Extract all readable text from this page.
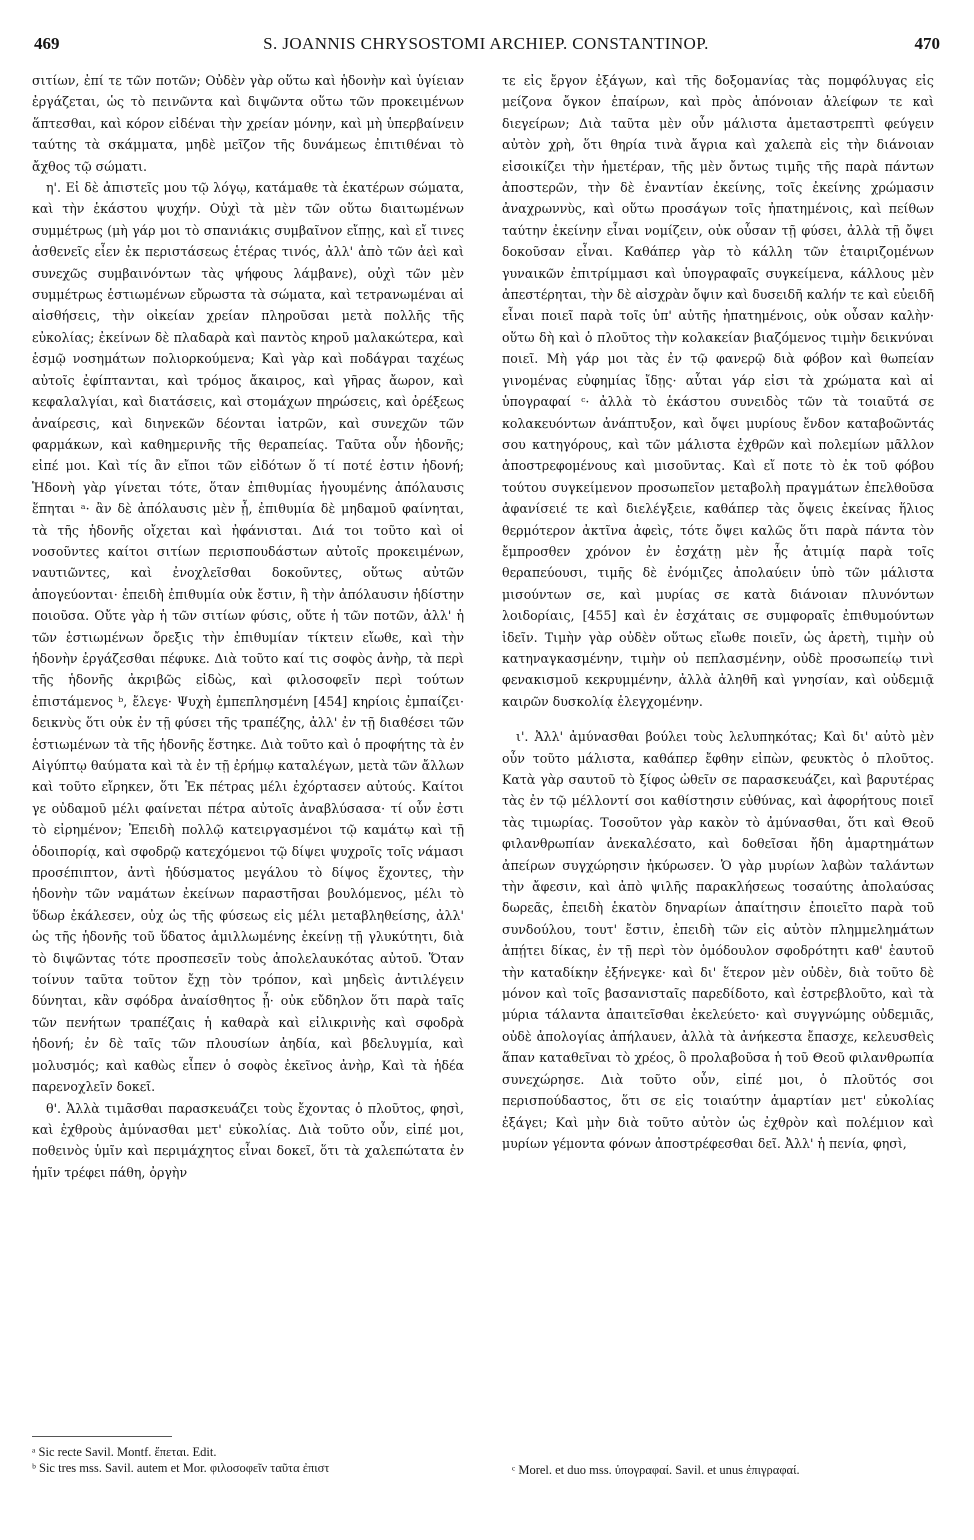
469	S. JOANNIS CHRYSOSTOMI ARCHIEP. CONSTANTINOP.	470

σιτίων, ἐπί τε τῶν ποτῶν; Οὐδὲν γὰρ οὕτω καὶ ἡδονὴν καὶ ὑγίειαν ἐργάζεται, ὡς τὸ πεινῶντα καὶ διψῶντα οὕτω τῶν προκειμένων ἅπτεσθαι, καὶ κόρον εἰδέναι τὴν χρείαν μόνην, καὶ μὴ ὑπερβαίνειν ταύτης τὰ σκάμματα, μηδὲ μεῖζον τῆς δυνάμεως ἐπιτιθέναι τὸ ἄχθος τῷ σώματι.

η'. Εἰ δὲ ἀπιστεῖς μου τῷ λόγῳ, κατάμαθε τὰ ἑκατέρων σώματα, καὶ τὴν ἑκάστου ψυχήν. Οὐχὶ τὰ μὲν τῶν οὕτω διαιτωμένων συμμέτρως (μὴ γάρ μοι τὸ σπανιάκις συμβαῖνον εἴπῃς, καὶ εἴ τινες ἀσθενεῖς εἶεν ἐκ περιστάσεως ἑτέρας τινός, ἀλλ' ἀπὸ τῶν ἀεὶ καὶ συνεχῶς συμβαινόντων τὰς ψήφους λάμβανε), οὐχὶ τῶν μὲν συμμέτρως ἑστιωμένων εὔρωστα τὰ σώματα, καὶ τετρανωμέναι αἱ αἰσθήσεις, τὴν οἰκείαν χρείαν πληροῦσαι μετὰ πολλῆς τῆς εὐκολίας; ἐκείνων δὲ πλαδαρὰ καὶ παντὸς κηροῦ μαλακώτερα, καὶ ἑσμῷ νοσημάτων πολιορκούμενα; Καὶ γὰρ καὶ ποδάγραι ταχέως αὐτοῖς ἐφίπτανται, καὶ τρόμος ἄκαιρος, καὶ γῆρας ἄωρον, καὶ κεφαλαλγίαι, καὶ διατάσεις, καὶ στομάχων πηρώσεις, καὶ ὀρέξεως ἀναίρεσις, καὶ διηνεκῶν δέονται ἰατρῶν, καὶ συνεχῶν τῶν φαρμάκων, καὶ καθημερινῆς τῆς θεραπείας. Ταῦτα οὖν ἡδονῆς; εἰπέ μοι. Καὶ τίς ἂν εἴποι τῶν εἰδότων ὅ τί ποτέ ἐστιν ἡδονή; Ἡδονὴ γὰρ γίνεται τότε, ὅταν ἐπιθυμίας ἡγουμένης ἀπόλαυσις ἕπηται ᵃ· ἂν δὲ ἀπόλαυσις μὲν ᾖ, ἐπιθυμία δὲ μηδαμοῦ φαίνηται, τὰ τῆς ἡδονῆς οἴχεται καὶ ἠφάνισται. Διά τοι τοῦτο καὶ οἱ νοσοῦντες καίτοι σιτίων περισπουδάστων αὐτοῖς προκειμένων, ναυτιῶντες, καὶ ἐνοχλεῖσθαι δοκοῦντες, οὕτως αὐτῶν ἀπογεύονται· ἐπειδὴ ἐπιθυμία οὐκ ἔστιν, ἣ τὴν ἀπόλαυσιν ἡδίστην ποιοῦσα. Οὔτε γὰρ ἡ τῶν σιτίων φύσις, οὔτε ἡ τῶν ποτῶν, ἀλλ' ἡ τῶν ἑστιωμένων ὄρεξις τὴν ἐπιθυμίαν τίκτειν εἴωθε, καὶ τὴν ἡδονὴν ἐργάζεσθαι πέφυκε. Διὰ τοῦτο καί τις σοφὸς ἀνὴρ, τὰ περὶ τῆς ἡδονῆς ἀκριβῶς εἰδὼς, καὶ φιλοσοφεῖν περὶ τούτων ἐπιστάμενος ᵇ, ἔλεγε· Ψυχὴ ἐμπεπλησμένη [454] κηρίοις ἐμπαίζει· δεικνὺς ὅτι οὐκ ἐν τῇ φύσει τῆς τραπέζης, ἀλλ' ἐν τῇ διαθέσει τῶν ἑστιωμένων τὰ τῆς ἡδονῆς ἕστηκε. Διὰ τοῦτο καὶ ὁ προφήτης τὰ ἐν Αἰγύπτῳ θαύματα καὶ τὰ ἐν τῇ ἐρήμῳ καταλέγων, μετὰ τῶν ἄλλων καὶ τοῦτο εἴρηκεν, ὅτι Ἐκ πέτρας μέλι ἐχόρτασεν αὐτούς. Καίτοι γε οὐδαμοῦ μέλι φαίνεται πέτρα αὐτοῖς ἀναβλύσασα· τί οὖν ἐστι τὸ εἰρημένον; Ἐπειδὴ πολλῷ κατειργασμένοι τῷ καμάτῳ καὶ τῇ ὁδοιπορίᾳ, καὶ σφοδρῷ κατεχόμενοι τῷ δίψει ψυχροῖς τοῖς νάμασι προσέπιπτον, ἀντὶ ἡδύσματος μεγάλου τὸ δίψος ἔχοντες, τὴν ἡδονὴν τῶν ναμάτων ἐκείνων παραστῆσαι βουλόμενος, μέλι τὸ ὕδωρ ἐκάλεσεν, οὐχ ὡς τῆς φύσεως εἰς μέλι μεταβληθείσης, ἀλλ' ὡς τῆς ἡδονῆς τοῦ ὕδατος ἁμιλλωμένης ἐκείνῃ τῇ γλυκύτητι, διὰ τὸ διψῶντας τότε προσπεσεῖν τοὺς ἀπολελαυκότας αὐτοῦ. Ὅταν τοίνυν ταῦτα τοῦτον ἔχῃ τὸν τρόπον, καὶ μηδεὶς ἀντιλέγειν δύνηται, κἂν σφόδρα ἀναίσθητος ᾖ· οὐκ εὔδηλον ὅτι παρὰ ταῖς τῶν πενήτων τραπέζαις ἡ καθαρὰ καὶ εἰλικρινὴς καὶ σφοδρὰ ἡδονή; ἐν δὲ ταῖς τῶν πλουσίων ἀηδία, καὶ βδελυγμία, καὶ μολυσμός; καὶ καθὼς εἶπεν ὁ σοφὸς ἐκεῖνος ἀνὴρ, Καὶ τὰ ἡδέα παρενοχλεῖν δοκεῖ.

θ'. Ἀλλὰ τιμᾶσθαι παρασκευάζει τοὺς ἔχοντας ὁ πλοῦτος, φησὶ, καὶ ἐχθροὺς ἀμύνασθαι μετ' εὐκολίας. Διὰ τοῦτο οὖν, εἰπέ μοι, ποθεινὸς ὑμῖν καὶ περιμάχητος εἶναι δοκεῖ, ὅτι τὰ χαλεπώτατα ἐν ἡμῖν τρέφει πάθη, ὀργὴν

τε εἰς ἔργον ἐξάγων, καὶ τῆς δοξομανίας τὰς πομφόλυγας εἰς μείζονα ὄγκον ἐπαίρων, καὶ πρὸς ἀπόνοιαν ἀλείφων τε καὶ διεγείρων; Διὰ ταῦτα μὲν οὖν μάλιστα ἀμεταστρεπτὶ φεύγειν αὐτὸν χρὴ, ὅτι θηρία τινὰ ἄγρια καὶ χαλεπὰ εἰς τὴν διάνοιαν εἰσοικίζει τὴν ἡμετέραν, τῆς μὲν ὄντως τιμῆς τῆς παρὰ πάντων ἀποστερῶν, τὴν δὲ ἐναντίαν ἐκείνης, τοῖς ἐκείνης χρώμασιν ἀναχρωννὺς, καὶ οὕτω προσάγων τοῖς ἠπατημένοις, καὶ πείθων ταύτην ἐκείνην εἶναι νομίζειν, οὐκ οὖσαν τῇ φύσει, ἀλλὰ τῇ ὄψει δοκοῦσαν εἶναι. Καθάπερ γὰρ τὸ κάλλη τῶν ἑταιριζομένων γυναικῶν ἐπιτρίμμασι καὶ ὑπογραφαῖς συγκείμενα, κάλλους μὲν ἀπεστέρηται, τὴν δὲ αἰσχρὰν ὄψιν καὶ δυσειδῆ καλήν τε καὶ εὐειδῆ εἶναι ποιεῖ παρὰ τοῖς ὑπ' αὐτῆς ἠπατημένοις, οὐκ οὖσαν καλὴν· οὕτω δὴ καὶ ὁ πλοῦτος τὴν κολακείαν βιαζόμενος τιμὴν δεικνύναι ποιεῖ. Μὴ γάρ μοι τὰς ἐν τῷ φανερῷ διὰ φόβον καὶ θωπείαν γινομένας εὐφημίας ἴδῃς· αὗται γάρ εἰσι τὰ χρώματα καὶ αἱ ὑπογραφαί ᶜ· ἀλλὰ τὸ ἑκάστου συνειδὸς τῶν τὰ τοιαῦτά σε κολακευόντων ἀνάπτυξον, καὶ ὄψει μυρίους ἔνδον καταβοῶντάς σου κατηγόρους, καὶ τῶν μάλιστα ἐχθρῶν καὶ πολεμίων μᾶλλον ἀποστρεφομένους καὶ μισοῦντας. Καὶ εἴ ποτε τὸ ἐκ τοῦ φόβου τούτου συγκείμενον προσωπεῖον μεταβολὴ πραγμάτων ἐπελθοῦσα ἀφανίσειέ τε καὶ διελέγξειε, καθάπερ τὰς ὄψεις ἐκείνας ἥλιος θερμότερον ἀκτῖνα ἀφεὶς, τότε ὄψει καλῶς ὅτι παρὰ πάντα τὸν ἔμπροσθεν χρόνον ἐν ἐσχάτῃ μὲν ἧς ἀτιμίᾳ παρὰ τοῖς θεραπεύουσι, τιμῆς δὲ ἐνόμιζες ἀπολαύειν ὑπὸ τῶν μάλιστα μισούντων σε, καὶ μυρίας σε κατὰ διάνοιαν πλυνόντων λοιδορίαις, [455] καὶ ἐν ἐσχάταις σε συμφοραῖς ἐπιθυμούντων ἰδεῖν. Τιμὴν γὰρ οὐδὲν οὕτως εἴωθε ποιεῖν, ὡς ἀρετὴ, τιμὴν οὐ κατηναγκασμένην, τιμὴν οὐ πεπλασμένην, οὐδὲ προσωπείῳ τινὶ φενακισμοῦ κεκρυμμένην, ἀλλὰ ἀληθῆ καὶ γνησίαν, καὶ οὐδεμιᾷ καιρῶν δυσκολίᾳ ἐλεγχομένην.

ι'. Ἀλλ' ἀμύνασθαι βούλει τοὺς λελυπηκότας; Καὶ δι' αὐτὸ μὲν οὖν τοῦτο μάλιστα, καθάπερ ἔφθην εἰπὼν, φευκτὸς ὁ πλοῦτος. Κατὰ γὰρ σαυτοῦ τὸ ξίφος ὠθεῖν σε παρασκευάζει, καὶ βαρυτέρας τὰς ἐν τῷ μέλλοντί σοι καθίστησιν εὐθύνας, καὶ ἀφορήτους ποιεῖ τὰς τιμωρίας. Τοσοῦτον γὰρ κακὸν τὸ ἀμύνασθαι, ὅτι καὶ Θεοῦ φιλανθρωπίαν ἀνεκαλέσατο, καὶ δοθεῖσαι ἤδη ἁμαρτημάτων ἀπείρων συγχώρησιν ἠκύρωσεν. Ὁ γὰρ μυρίων λαβὼν ταλάντων τὴν ἄφεσιν, καὶ ἀπὸ ψιλῆς παρακλήσεως τοσαύτης ἀπολαύσας δωρεᾶς, ἐπειδὴ ἑκατὸν δηναρίων ἀπαίτησιν ἐποιεῖτο παρὰ τοῦ συνδούλου, τουτ' ἔστιν, ἐπειδὴ τῶν εἰς αὐτὸν πλημμελημάτων ἀπῄτει δίκας, ἐν τῇ περὶ τὸν ὁμόδουλον σφοδρότητι καθ' ἑαυτοῦ τὴν καταδίκην ἐξήνεγκε· καὶ δι' ἕτερον μὲν οὐδὲν, διὰ τοῦτο δὲ μόνον καὶ τοῖς βασανισταῖς παρεδίδοτο, καὶ ἐστρεβλοῦτο, καὶ τὰ μύρια τάλαντα ἀπαιτεῖσθαι ἐκελεύετο· καὶ συγγνώμης οὐδεμιᾶς, οὐδὲ ἀπολογίας ἀπήλαυεν, ἀλλὰ τὰ ἀνήκεστα ἔπασχε, κελευσθεὶς ἅπαν καταθεῖναι τὸ χρέος, ὃ προλαβοῦσα ἡ τοῦ Θεοῦ φιλανθρωπία συνεχώρησε. Διὰ τοῦτο οὖν, εἰπέ μοι, ὁ πλοῦτός σοι περισπούδαστος, ὅτι σε εἰς τοιαύτην ἁμαρτίαν μετ' εὐκολίας ἐξάγει; Καὶ μὴν διὰ τοῦτο αὐτὸν ὡς ἐχθρὸν καὶ πολέμιον καὶ μυρίων γέμοντα φόνων ἀποστρέφεσθαι δεῖ. Ἀλλ' ἡ πενία, φησὶ,

ᵃ Sic recte Savil. Montf. ἕπεται. Edit.
ᵇ Sic tres mss. Savil. autem et Mor. φιλοσοφεῖν ταῦτα ἐπιστ	ᶜ Morel. et duo mss. ὑπογραφαί. Savil. et unus ἐπιγραφαί.
